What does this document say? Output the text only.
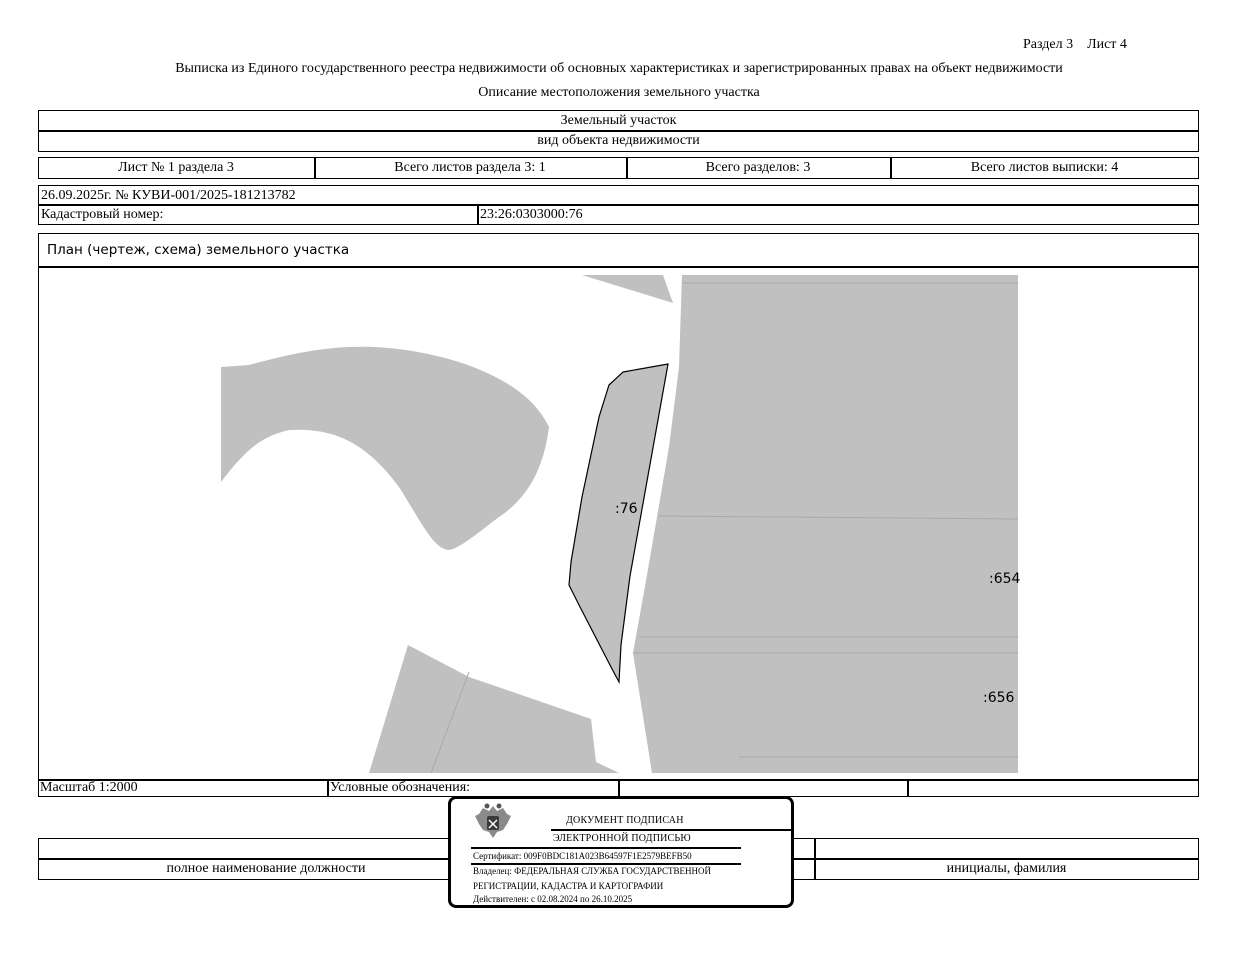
Раздел 3    Лист 4
Выписка из Единого государственного реестра недвижимости об основных характеристиках и зарегистрированных правах на объект недвижимости
Описание местоположения земельного участка
Земельный участок
вид объекта недвижимости
Лист № 1 раздела 3	Всего листов раздела 3: 1	Всего разделов: 3	Всего листов выписки: 4
26.09.2025г. № КУВИ-001/2025-181213782
Кадастровый номер:	23:26:0303000:76
План (чертеж, схема) земельного участка
:76
:654
:656
Масштаб 1:2000	Условные обозначения:
полное наименование должности	инициалы, фамилия
ДОКУМЕНТ ПОДПИСАН
ЭЛЕКТРОННОЙ ПОДПИСЬЮ
Сертификат: 009F0BDC181A023B64597F1E2579BEFB50
Владелец: ФЕДЕРАЛЬНАЯ СЛУЖБА ГОСУДАРСТВЕННОЙ
РЕГИСТРАЦИИ, КАДАСТРА И КАРТОГРАФИИ
Действителен: с 02.08.2024 по 26.10.2025
